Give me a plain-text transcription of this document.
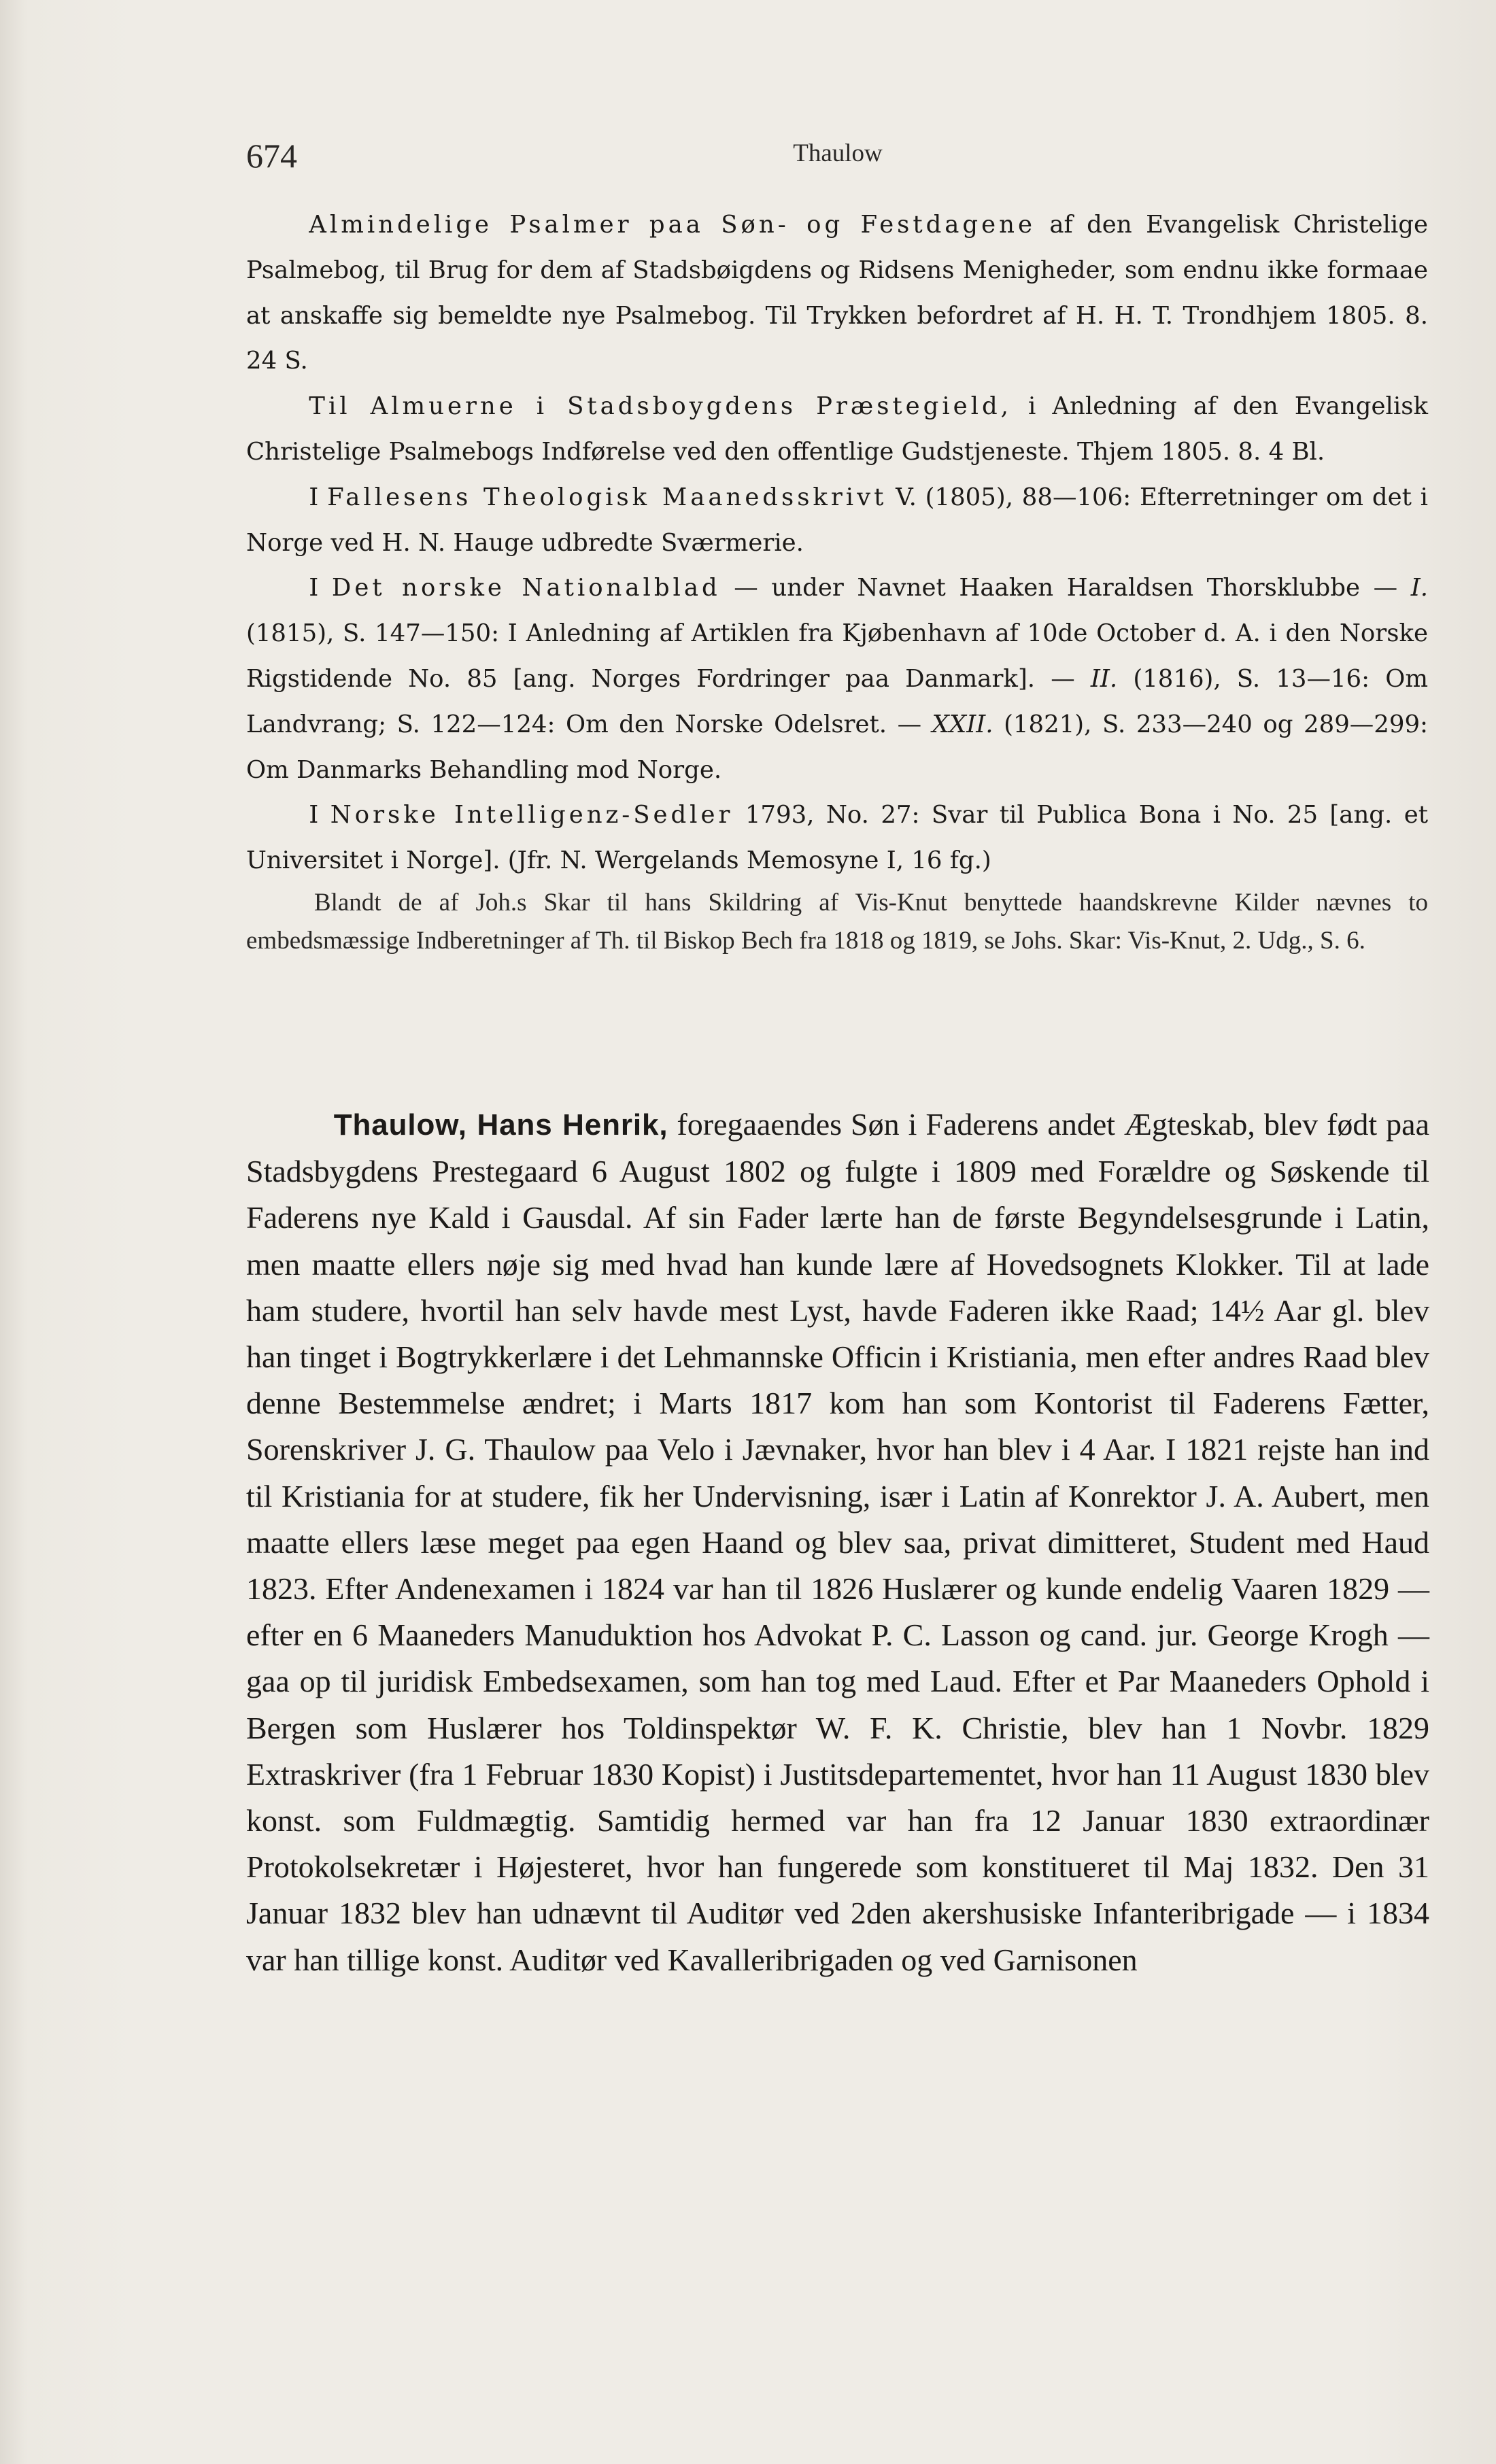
674	Thaulow

Almindelige Psalmer paa Søn- og Festdagene af den Evangelisk Christelige Psalmebog, til Brug for dem af Stadsbøigdens og Ridsens Menigheder, som endnu ikke formaae at anskaffe sig bemeldte nye Psalmebog. Til Trykken befordret af H. H. T. Trondhjem 1805. 8. 24 S.

Til Almuerne i Stadsboygdens Præstegield, i Anledning af den Evangelisk Christelige Psalmebogs Indførelse ved den offentlige Gudstjeneste. Thjem 1805. 8. 4 Bl.

I Fallesens Theologisk Maanedsskrivt V. (1805), 88—106: Efterretninger om det i Norge ved H. N. Hauge udbredte Sværmerie.

I Det norske Nationalblad — under Navnet Haaken Haraldsen Thorsklubbe — I. (1815), S. 147—150: I Anledning af Artiklen fra Kjøbenhavn af 10de October d. A. i den Norske Rigstidende No. 85 [ang. Norges Fordringer paa Danmark]. — II. (1816), S. 13—16: Om Landvrang; S. 122—124: Om den Norske Odelsret. — XXII. (1821), S. 233—240 og 289—299: Om Danmarks Behandling mod Norge.

I Norske Intelligenz-Sedler 1793, No. 27: Svar til Publica Bona i No. 25 [ang. et Universitet i Norge]. (Jfr. N. Wergelands Memosyne I, 16 fg.)

Blandt de af Joh.s Skar til hans Skildring af Vis-Knut benyttede haandskrevne Kilder nævnes to embedsmæssige Indberetninger af Th. til Biskop Bech fra 1818 og 1819, se Johs. Skar: Vis-Knut, 2. Udg., S. 6.

Thaulow, Hans Henrik, foregaaendes Søn i Faderens andet Ægteskab, blev født paa Stadsbygdens Prestegaard 6 August 1802 og fulgte i 1809 med Forældre og Søskende til Faderens nye Kald i Gausdal. Af sin Fader lærte han de første Begyndelsesgrunde i Latin, men maatte ellers nøje sig med hvad han kunde lære af Hovedsognets Klokker. Til at lade ham studere, hvortil han selv havde mest Lyst, havde Faderen ikke Raad; 14½ Aar gl. blev han tinget i Bogtrykkerlære i det Lehmannske Officin i Kristiania, men efter andres Raad blev denne Bestemmelse ændret; i Marts 1817 kom han som Kontorist til Faderens Fætter, Sorenskriver J. G. Thaulow paa Velo i Jævnaker, hvor han blev i 4 Aar. I 1821 rejste han ind til Kristiania for at studere, fik her Undervisning, især i Latin af Konrektor J. A. Aubert, men maatte ellers læse meget paa egen Haand og blev saa, privat dimitteret, Student med Haud 1823. Efter Andenexamen i 1824 var han til 1826 Huslærer og kunde endelig Vaaren 1829 — efter en 6 Maaneders Manuduktion hos Advokat P. C. Lasson og cand. jur. George Krogh — gaa op til juridisk Embedsexamen, som han tog med Laud. Efter et Par Maaneders Ophold i Bergen som Huslærer hos Toldinspektør W. F. K. Christie, blev han 1 Novbr. 1829 Extraskriver (fra 1 Februar 1830 Kopist) i Justitsdepartementet, hvor han 11 August 1830 blev konst. som Fuldmægtig. Samtidig hermed var han fra 12 Januar 1830 extraordinær Protokolsekretær i Højesteret, hvor han fungerede som konstitueret til Maj 1832. Den 31 Januar 1832 blev han udnævnt til Auditør ved 2den akershusiske Infanteribrigade — i 1834 var han tillige konst. Auditør ved Kavalleribrigaden og ved Garnisonen
